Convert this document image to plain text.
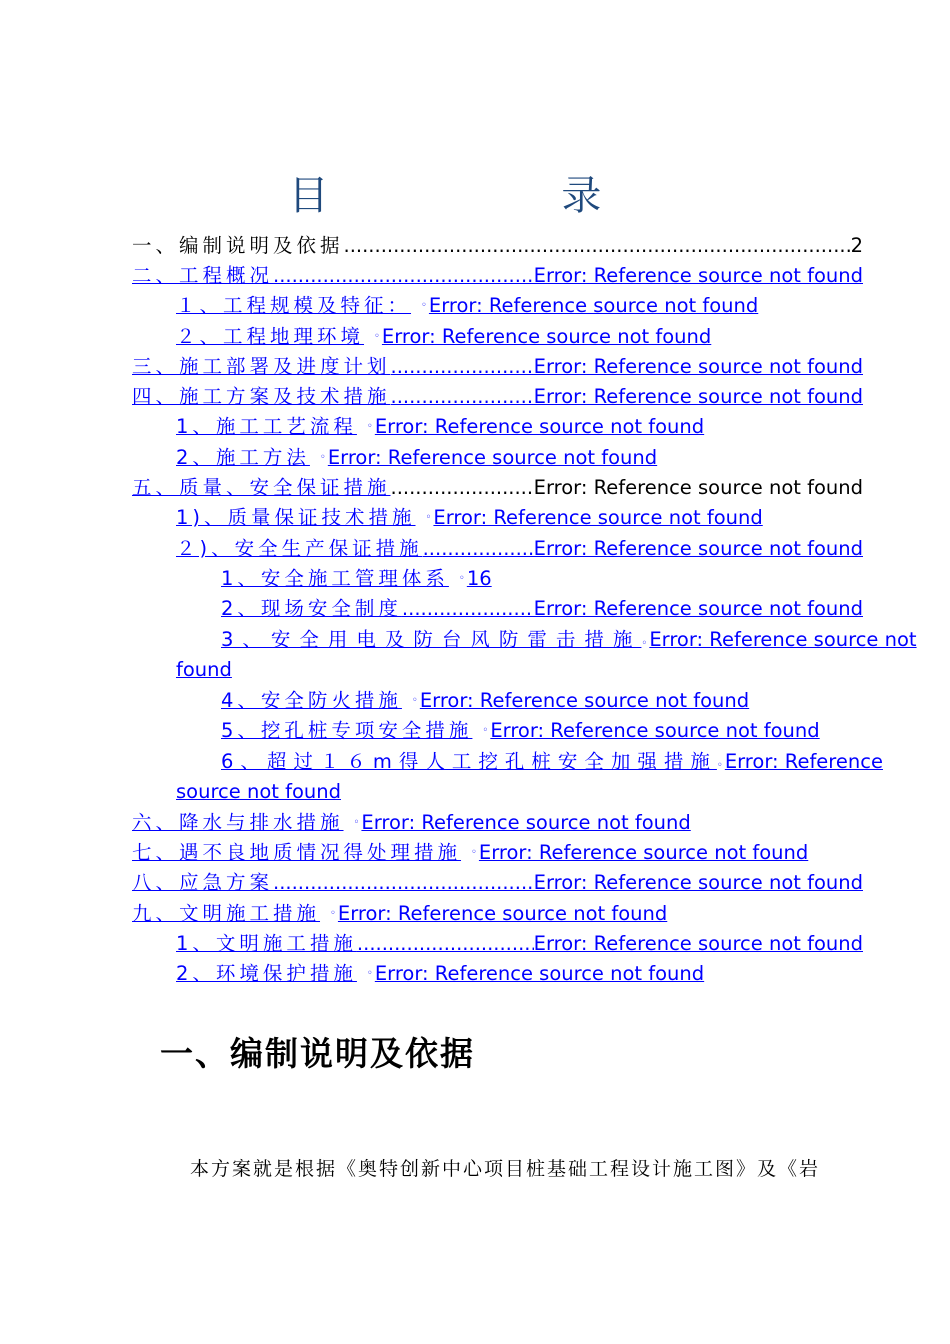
目 录
一、编制说明及依据 .....	2
二、工程概况 .....	Error: Reference source not found
１、工程规模及特征： ◦ Error: Reference source not found
２、工程地理环境 ◦ Error: Reference source not found
三、施工部署及进度计划 .....	Error: Reference source not found
四、施工方案及技术措施 .....	Error: Reference source not found
1、施工工艺流程 ◦ Error: Reference source not found
2、施工方法 ◦ Error: Reference source not found
五、质量、安全保证措施 .....	Error: Reference source not found
1)、质量保证技术措施 ◦ Error: Reference source not found
２)、安全生产保证措施 .....	Error: Reference source not found
1、安全施工管理体系 ◦ 16
2、现场安全制度 .....	Error: Reference source not found
3、安全用电及防台风防雷击措施 ◦ Error: Reference source not
found
4、安全防火措施 ◦ Error: Reference source not found
5、挖孔桩专项安全措施 ◦ Error: Reference source not found
6、超过１６m得人工挖孔桩安全加强措施 ◦ Error: Reference
source not found
六、降水与排水措施 ◦ Error: Reference source not found
七、遇不良地质情况得处理措施 ◦ Error: Reference source not found
八、应急方案 .....	Error: Reference source not found
九、文明施工措施 ◦ Error: Reference source not found
1、文明施工措施 .....	Error: Reference source not found
2、环境保护措施 ◦ Error: Reference source not found
一、编制说明及依据
本方案就是根据《奥特创新中心项目桩基础工程设计施工图》及《岩
